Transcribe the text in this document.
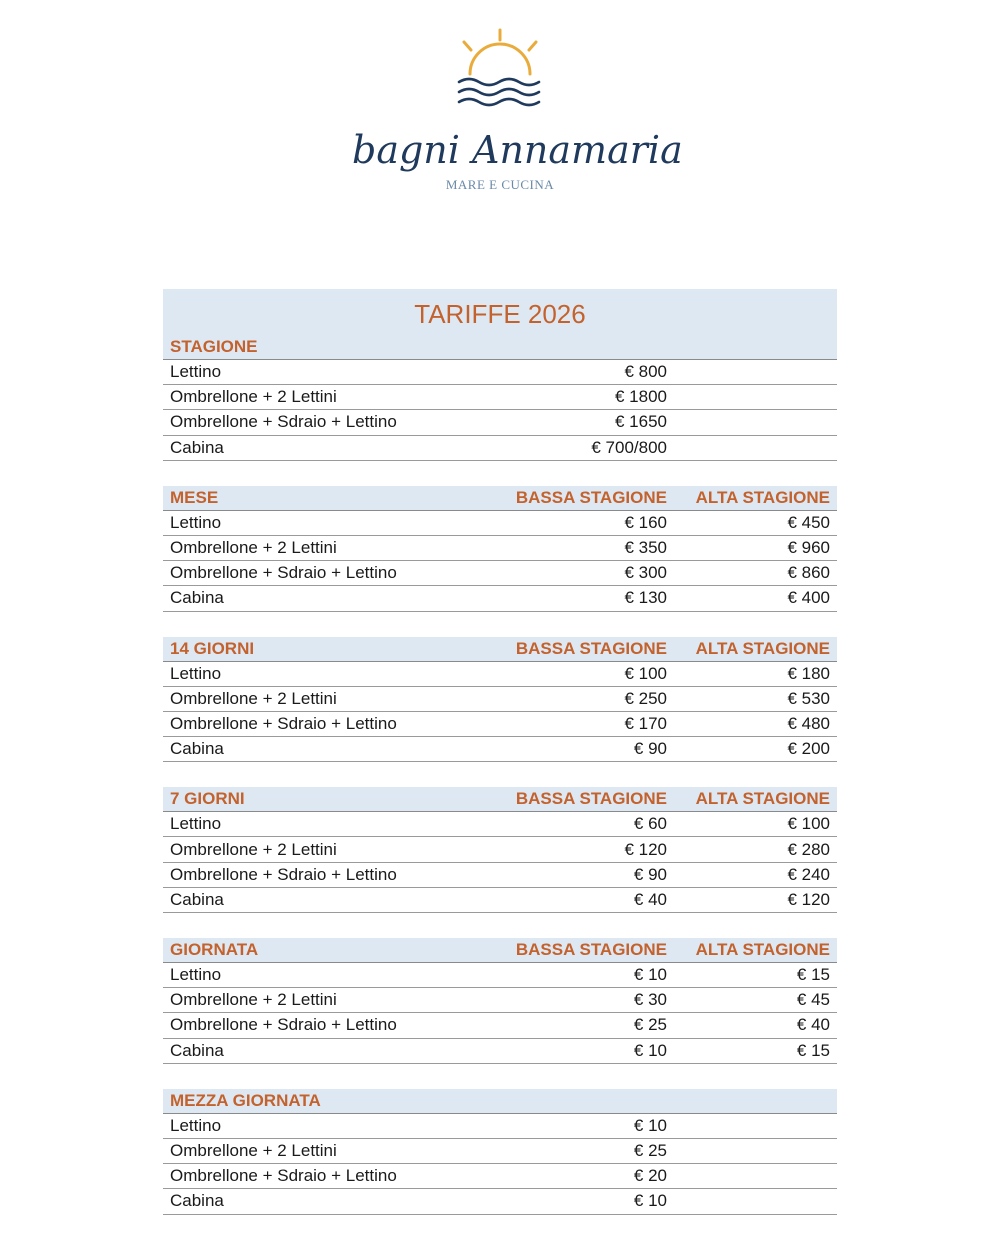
bagni Annamaria
MARE E CUCINA
TARIFFE 2026
STAGIONE
Lettino	€ 800
Ombrellone + 2 Lettini	€ 1800
Ombrellone + Sdraio + Lettino	€ 1650
Cabina	€ 700/800
MESE	BASSA STAGIONE	ALTA STAGIONE
Lettino	€ 160	€ 450
Ombrellone + 2 Lettini	€ 350	€ 960
Ombrellone + Sdraio + Lettino	€ 300	€ 860
Cabina	€ 130	€ 400
14 GIORNI	BASSA STAGIONE	ALTA STAGIONE
Lettino	€ 100	€ 180
Ombrellone + 2 Lettini	€ 250	€ 530
Ombrellone + Sdraio + Lettino	€ 170	€ 480
Cabina	€ 90	€ 200
7 GIORNI	BASSA STAGIONE	ALTA STAGIONE
Lettino	€ 60	€ 100
Ombrellone + 2 Lettini	€ 120	€ 280
Ombrellone + Sdraio + Lettino	€ 90	€ 240
Cabina	€ 40	€ 120
GIORNATA	BASSA STAGIONE	ALTA STAGIONE
Lettino	€ 10	€ 15
Ombrellone + 2 Lettini	€ 30	€ 45
Ombrellone + Sdraio + Lettino	€ 25	€ 40
Cabina	€ 10	€ 15
MEZZA GIORNATA
Lettino	€ 10
Ombrellone + 2 Lettini	€ 25
Ombrellone + Sdraio + Lettino	€ 20
Cabina	€ 10
